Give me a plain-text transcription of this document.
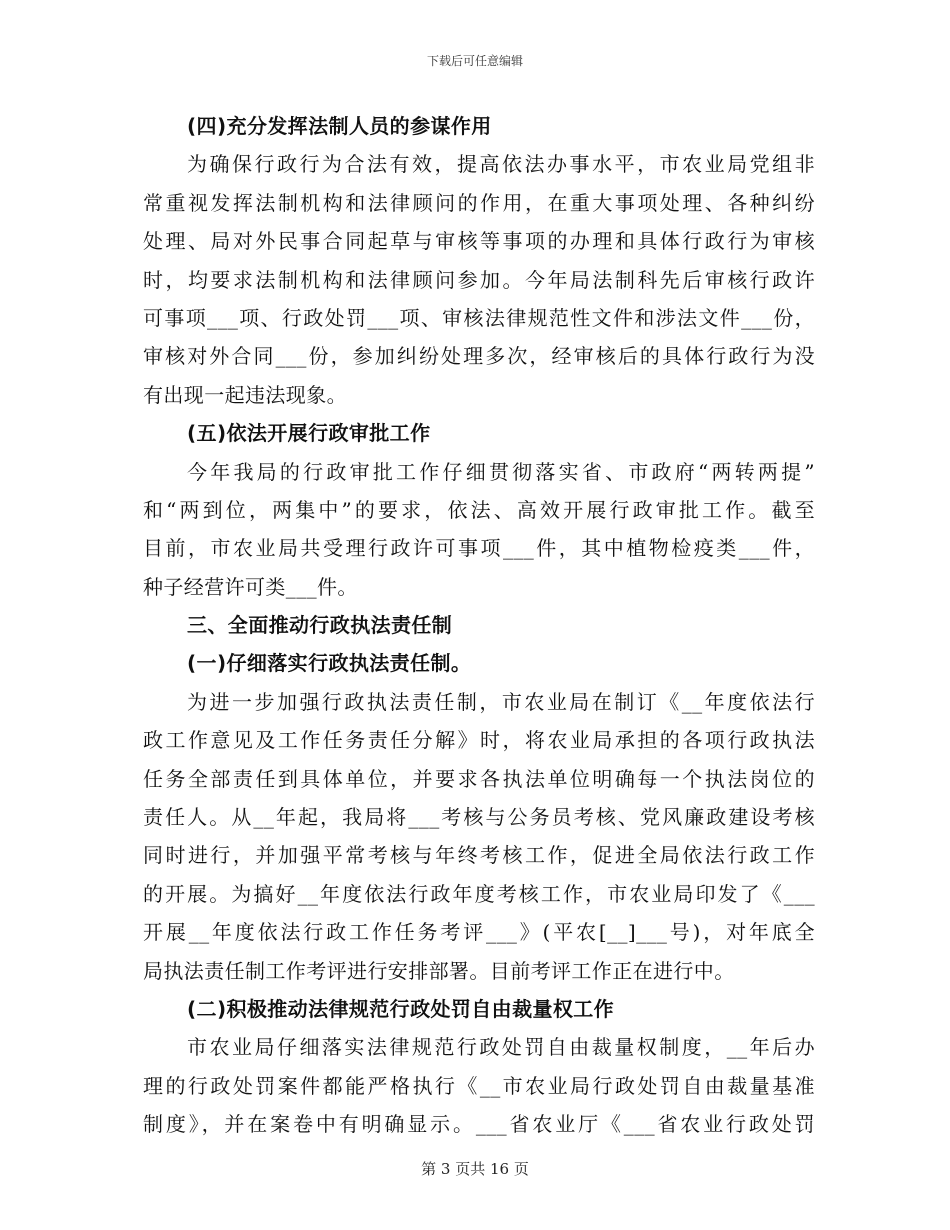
下载后可任意编辑
(四)充分发挥法制人员的参谋作用
为确保行政行为合法有效，提高依法办事水平，市农业局党组非
常重视发挥法制机构和法律顾问的作用，在重大事项处理、各种纠纷
处理、局对外民事合同起草与审核等事项的办理和具体行政行为审核
时，均要求法制机构和法律顾问参加。今年局法制科先后审核行政许
可事项___项、行政处罚___项、审核法律规范性文件和涉法文件___份，
审核对外合同___份，参加纠纷处理多次，经审核后的具体行政行为没
有出现一起违法现象。
(五)依法开展行政审批工作
今年我局的行政审批工作仔细贯彻落实省、市政府“两转两提”
和“两到位，两集中”的要求，依法、高效开展行政审批工作。截至
目前，市农业局共受理行政许可事项___件，其中植物检疫类___件，
种子经营许可类___件。
三、全面推动行政执法责任制
(一)仔细落实行政执法责任制。
为进一步加强行政执法责任制，市农业局在制订《__年度依法行
政工作意见及工作任务责任分解》时，将农业局承担的各项行政执法
任务全部责任到具体单位，并要求各执法单位明确每一个执法岗位的
责任人。从__年起，我局将___考核与公务员考核、党风廉政建设考核
同时进行，并加强平常考核与年终考核工作，促进全局依法行政工作
的开展。为搞好__年度依法行政年度考核工作，市农业局印发了《___
开展__年度依法行政工作任务考评___》(平农[__]___号)，对年底全
局执法责任制工作考评进行安排部署。目前考评工作正在进行中。
(二)积极推动法律规范行政处罚自由裁量权工作
市农业局仔细落实法律规范行政处罚自由裁量权制度，__年后办
理的行政处罚案件都能严格执行《__市农业局行政处罚自由裁量基准
制度》，并在案卷中有明确显示。___省农业厅《___省农业行政处罚
第 3 页共 16 页
